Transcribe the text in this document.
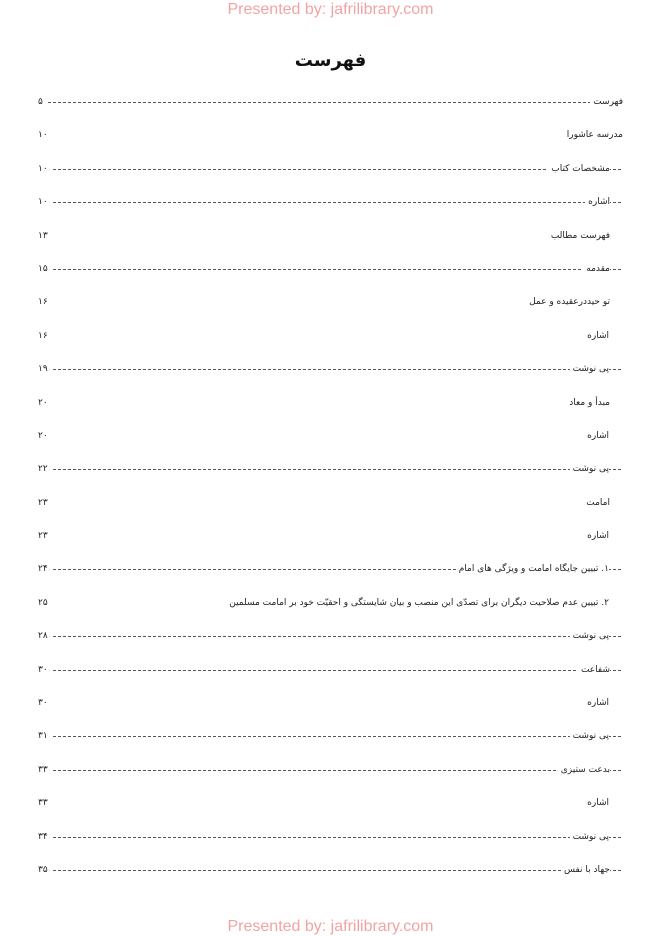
Presented by: jafrilibrary.com
فهرست
فهرست
۵
مدرسه عاشورا
۱۰
مشخصات کتاب
۱۰
اشاره
۱۰
فهرست مطالب
۱۳
مقدمه
۱۵
تو حیددرعقیده و عمل
۱۶
اشاره
۱۶
پی نوشت
۱۹
مبدأ و معاد
۲۰
اشاره
۲۰
پی نوشت
۲۲
امامت
۲۳
اشاره
۲۳
۱. تبیین جایگاه امامت و ویژگی های امام
۲۴
۲. تبیین عدم صلاحیت دیگران برای تصدّی این منصب و بیان شایستگی و احقیّت خود بر امامت مسلمین
۲۵
پی نوشت
۲۸
شفاعت
۳۰
اشاره
۳۰
پی نوشت
۳۱
بدعت ستیزی
۳۳
اشاره
۳۳
پی نوشت
۳۴
جهاد با نفس
۳۵
Presented by: jafrilibrary.com
